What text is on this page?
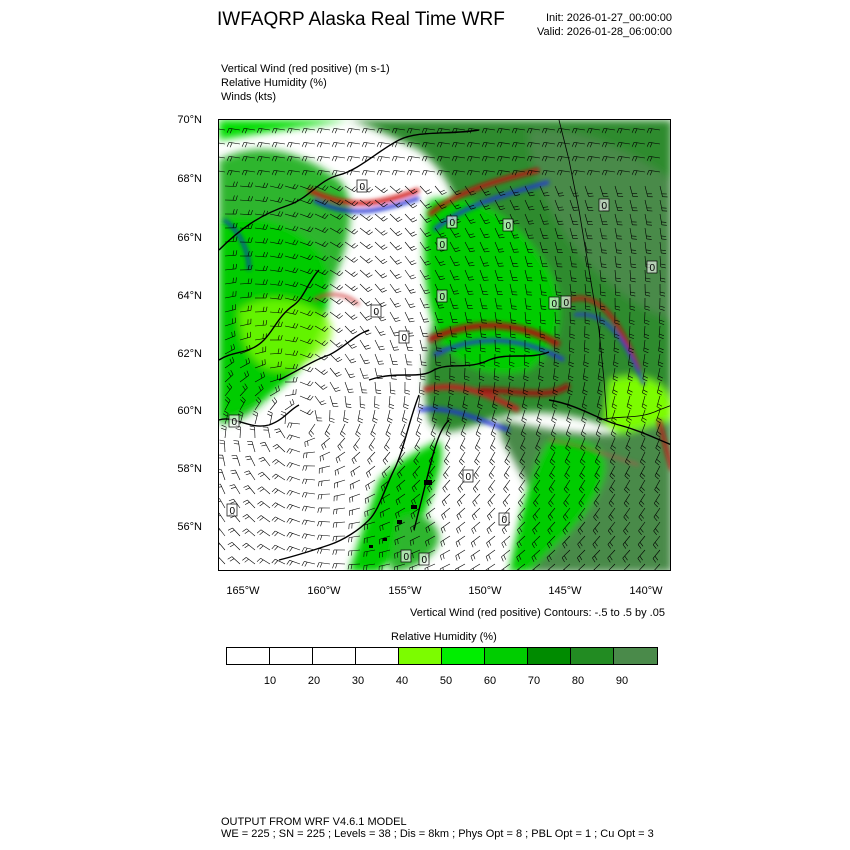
IWFAQRP Alaska Real Time WRF	Init: 2026-01-27_00:00:00
Valid: 2026-01-28_06:00:00
Vertical Wind (red positive) (m s-1)
Relative Humidity (%)
Winds (kts)
0
0
0
0
0
0
0
0
0
0
0
0
0
0
0
0
0
70°N
68°N
66°N
64°N
62°N
60°N
58°N
56°N
165°W	160°W	155°W	150°W	145°W	140°W
Vertical Wind (red positive) Contours: -.5 to .5 by .05
Relative Humidity (%)
10	20	30	40	50	60	70	80	90
OUTPUT FROM WRF V4.6.1 MODEL
WE = 225 ; SN = 225 ; Levels = 38 ; Dis = 8km ; Phys Opt = 8 ; PBL Opt = 1 ; Cu Opt = 3
